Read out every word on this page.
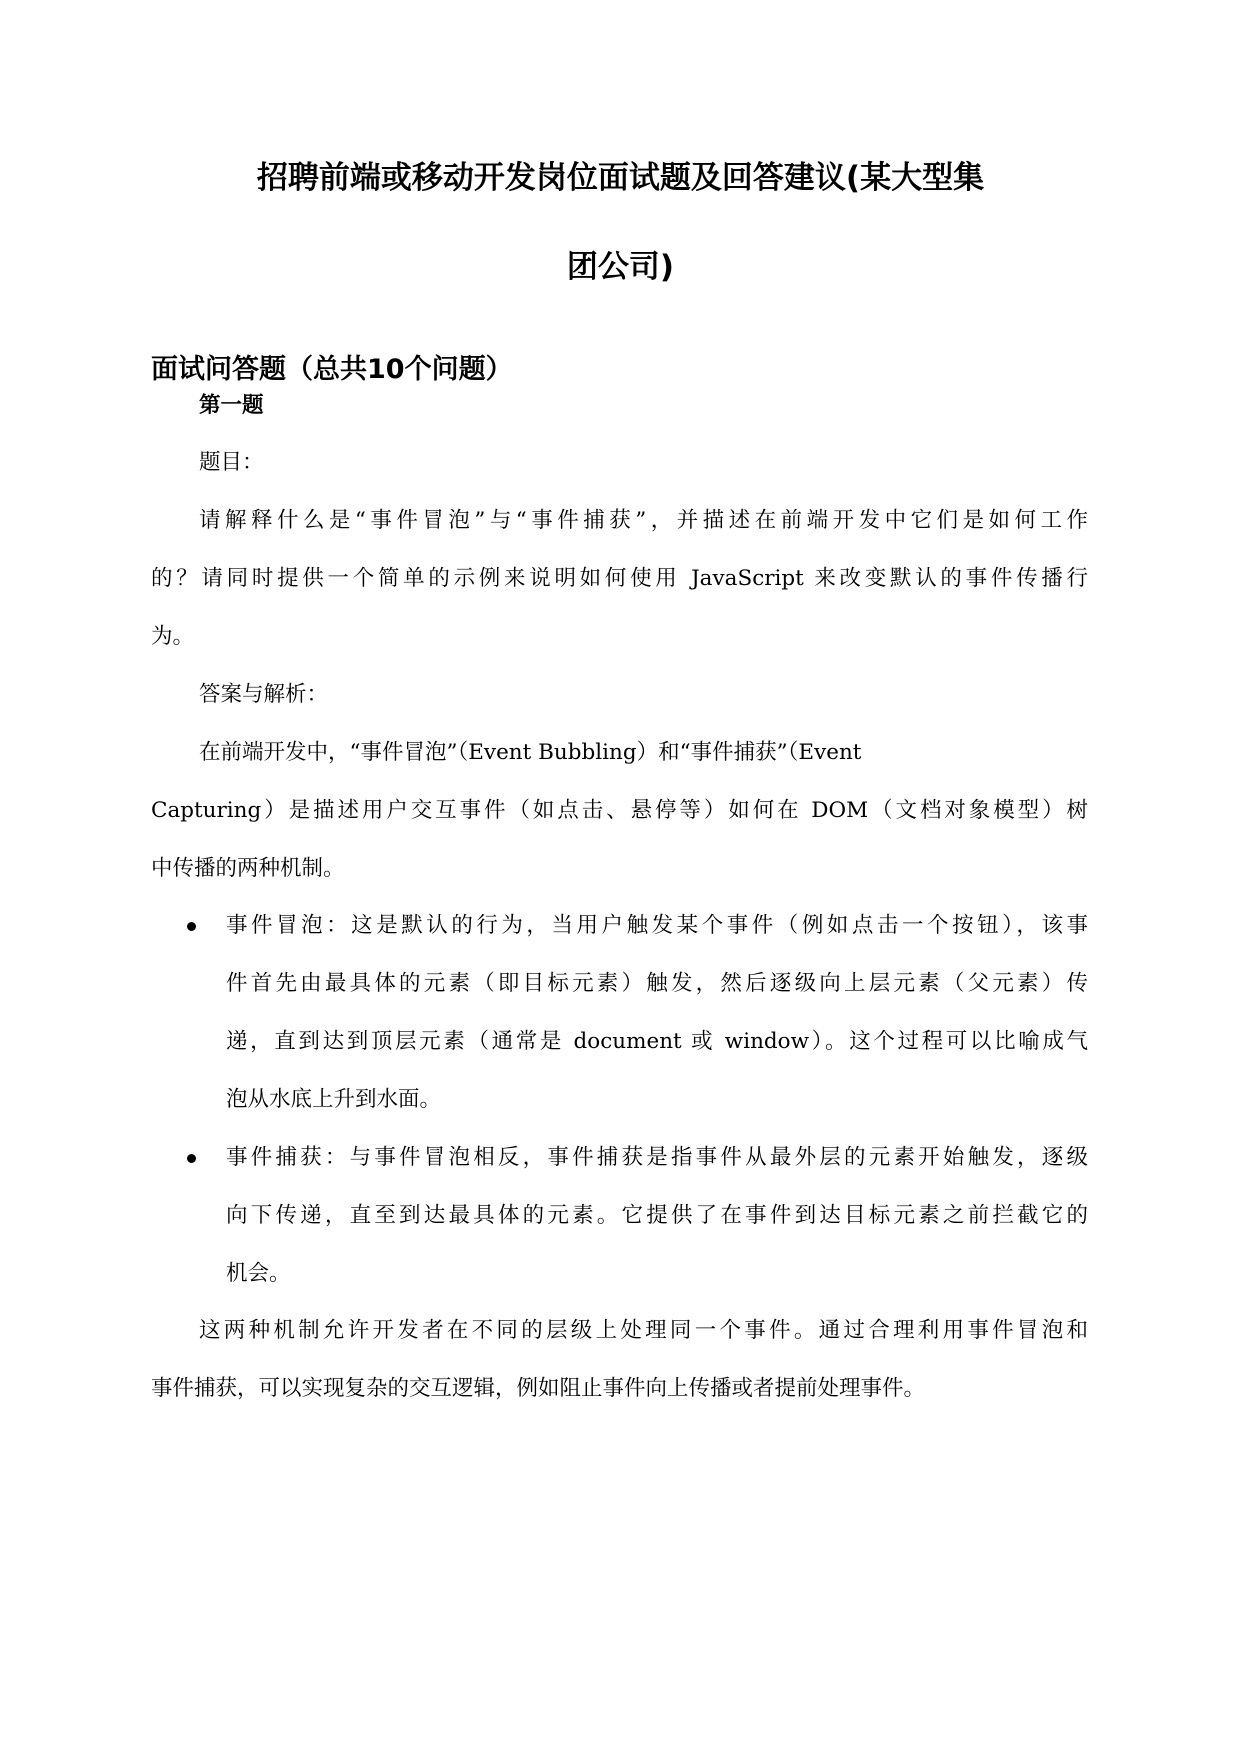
招聘前端或移动开发岗位面试题及回答建议(某大型集
团公司)
面试问答题（总共10个问题）

第一题

题目：

请解释什么是“事件冒泡”与“事件捕获”，并描述在前端开发中它们是如何工作

的？请同时提供一个简单的示例来说明如何使用 JavaScript 来改变默认的事件传播行

为。

答案与解析：

在前端开发中，“事件冒泡”（Event Bubbling）和“事件捕获”（Event

Capturing）是描述用户交互事件（如点击、悬停等）如何在 DOM（文档对象模型）树

中传播的两种机制。

事件冒泡：这是默认的行为，当用户触发某个事件（例如点击一个按钮），该事

件首先由最具体的元素（即目标元素）触发，然后逐级向上层元素（父元素）传

递，直到达到顶层元素（通常是 document 或 window）。这个过程可以比喻成气

泡从水底上升到水面。

事件捕获：与事件冒泡相反，事件捕获是指事件从最外层的元素开始触发，逐级

向下传递，直至到达最具体的元素。它提供了在事件到达目标元素之前拦截它的

机会。

这两种机制允许开发者在不同的层级上处理同一个事件。通过合理利用事件冒泡和

事件捕获，可以实现复杂的交互逻辑，例如阻止事件向上传播或者提前处理事件。
